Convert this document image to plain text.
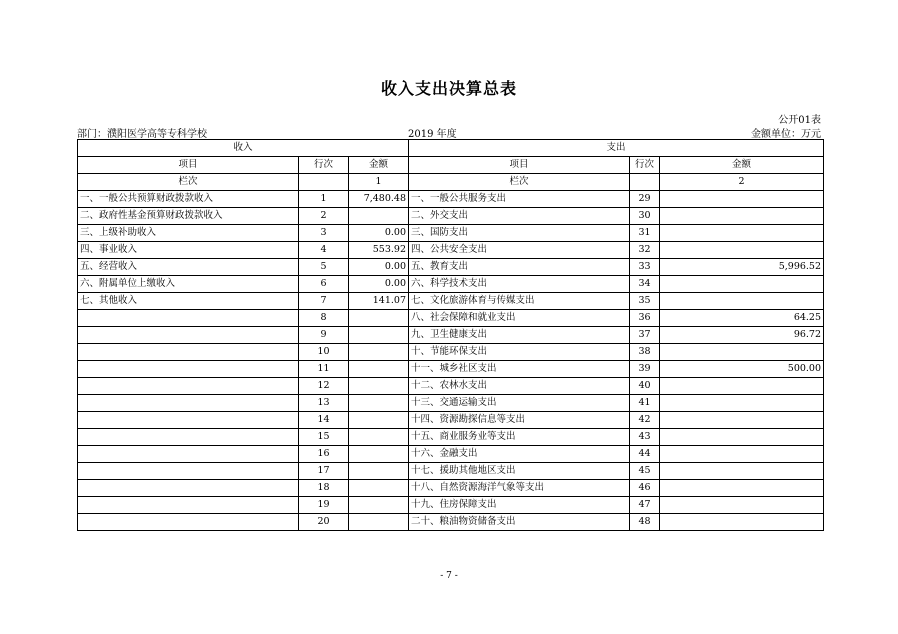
收入支出决算总表
公开01表
部门：濮阳医学高等专科学校	2019 年度	金额单位：万元
收入			支出		
项目	行次	金额	项目	行次	金额
栏次		1	栏次		2
一、一般公共预算财政拨款收入	1	7,480.48	一、一般公共服务支出	29	
二、政府性基金预算财政拨款收入	2		二、外交支出	30	
三、上级补助收入	3	0.00	三、国防支出	31	
四、事业收入	4	553.92	四、公共安全支出	32	
五、经营收入	5	0.00	五、教育支出	33	5,996.52
六、附属单位上缴收入	6	0.00	六、科学技术支出	34	
七、其他收入	7	141.07	七、文化旅游体育与传媒支出	35	
	8		八、社会保障和就业支出	36	64.25
	9		九、卫生健康支出	37	96.72
	10		十、节能环保支出	38	
	11		十一、城乡社区支出	39	500.00
	12		十二、农林水支出	40	
	13		十三、交通运输支出	41	
	14		十四、资源勘探信息等支出	42	
	15		十五、商业服务业等支出	43	
	16		十六、金融支出	44	
	17		十七、援助其他地区支出	45	
	18		十八、自然资源海洋气象等支出	46	
	19		十九、住房保障支出	47	
	20		二十、粮油物资储备支出	48	
- 7 -
